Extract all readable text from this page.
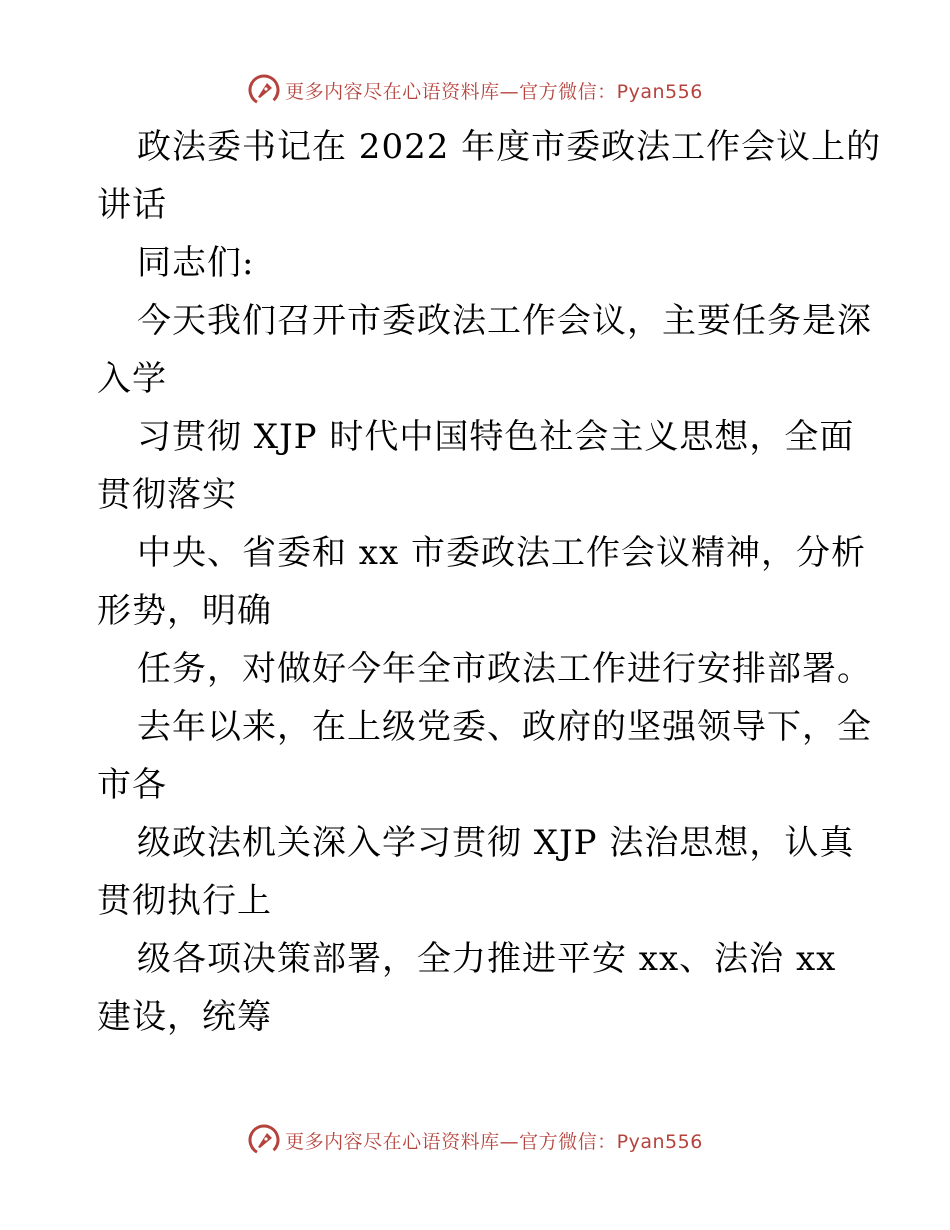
更多内容尽在心语资料库—官方微信：Pyan556
政法委书记在 2022 年度市委政法工作会议上的
讲话
同志们:
今天我们召开市委政法工作会议，主要任务是深
入学
习贯彻 XJP 时代中国特色社会主义思想，全面
贯彻落实
中央、省委和 xx 市委政法工作会议精神，分析
形势，明确
任务，对做好今年全市政法工作进行安排部署。
去年以来，在上级党委、政府的坚强领导下，全
市各
级政法机关深入学习贯彻 XJP 法治思想，认真
贯彻执行上
级各项决策部署，全力推进平安 xx、法治 xx
建设，统筹
更多内容尽在心语资料库—官方微信：Pyan556
